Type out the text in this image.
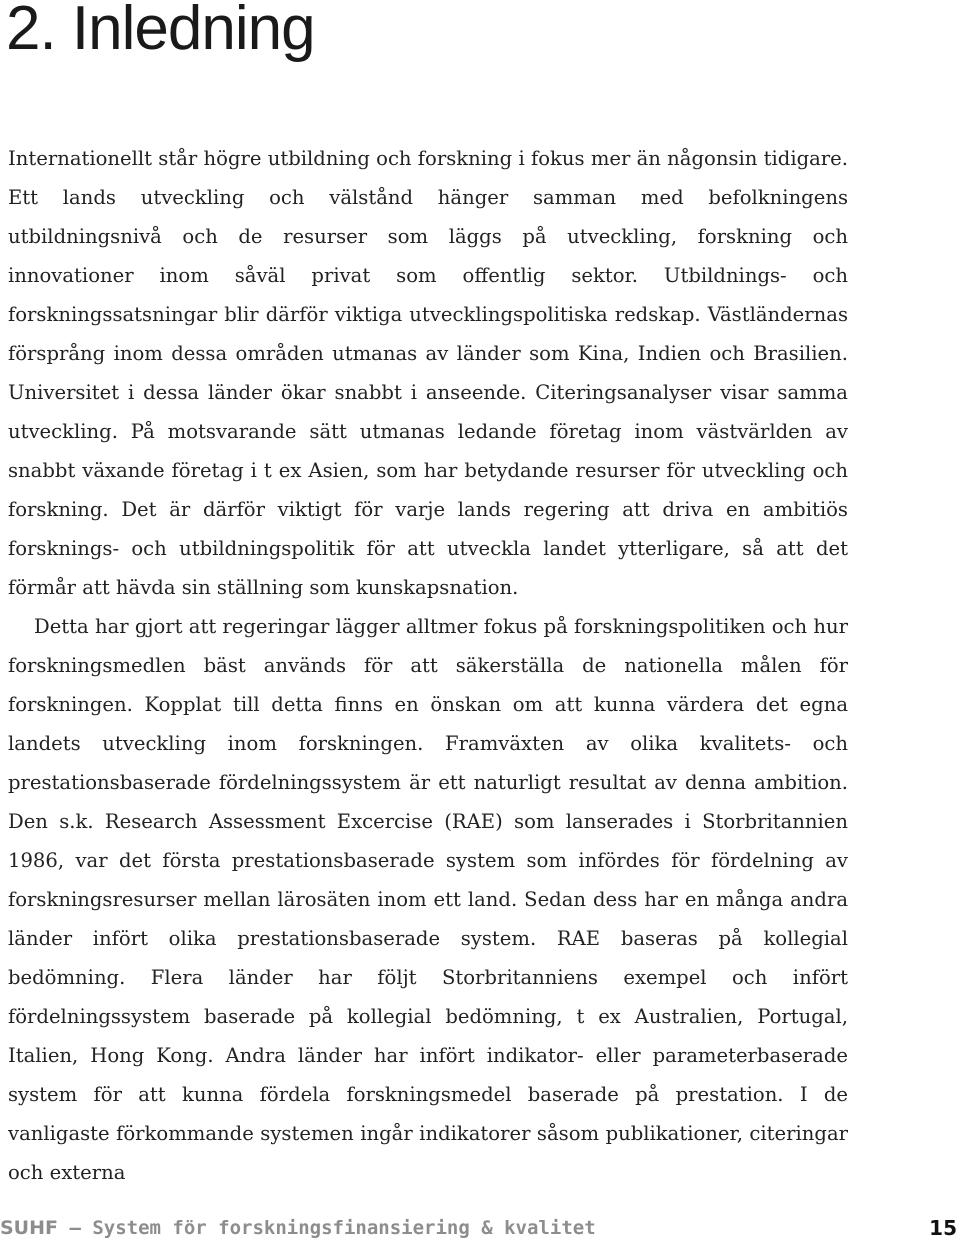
2. Inledning

Internationellt står högre utbildning och forskning i fokus mer än någonsin tidigare. Ett lands utveckling och välstånd hänger samman med befolkningens utbildningsnivå och de resurser som läggs på utveckling, forskning och innovationer inom såväl privat som offentlig sektor. Utbildnings- och forskningssatsningar blir därför viktiga utvecklingspolitiska redskap. Västländernas försprång inom dessa områden utmanas av länder som Kina, Indien och Brasilien. Universitet i dessa länder ökar snabbt i anseende. Citeringsanalyser visar samma utveckling. På motsvarande sätt utmanas ledande företag inom västvärlden av snabbt växande företag i t ex Asien, som har betydande resurser för utveckling och forskning. Det är därför viktigt för varje lands regering att driva en ambitiös forsknings- och utbildningspolitik för att utveckla landet ytterligare, så att det förmår att hävda sin ställning som kunskapsnation.

Detta har gjort att regeringar lägger alltmer fokus på forskningspolitiken och hur forskningsmedlen bäst används för att säkerställa de nationella målen för forskningen. Kopplat till detta finns en önskan om att kunna värdera det egna landets utveckling inom forskningen. Framväxten av olika kvalitets- och prestationsbaserade fördelningssystem är ett naturligt resultat av denna ambition. Den s.k. Research Assessment Excercise (RAE) som lanserades i Storbritannien 1986, var det första prestationsbaserade system som infördes för fördelning av forskningsresurser mellan lärosäten inom ett land. Sedan dess har en många andra länder infört olika prestationsbaserade system. RAE baseras på kollegial bedömning. Flera länder har följt Storbritanniens exempel och infört fördelningssystem baserade på kollegial bedömning, t ex Australien, Portugal, Italien, Hong Kong. Andra länder har infört indikator- eller parameterbaserade system för att kunna fördela forskningsmedel baserade på prestation. I de vanligaste förkommande systemen ingår indikatorer såsom publikationer, citeringar och externa

SUHF – System för forskningsfinansiering & kvalitet	15
